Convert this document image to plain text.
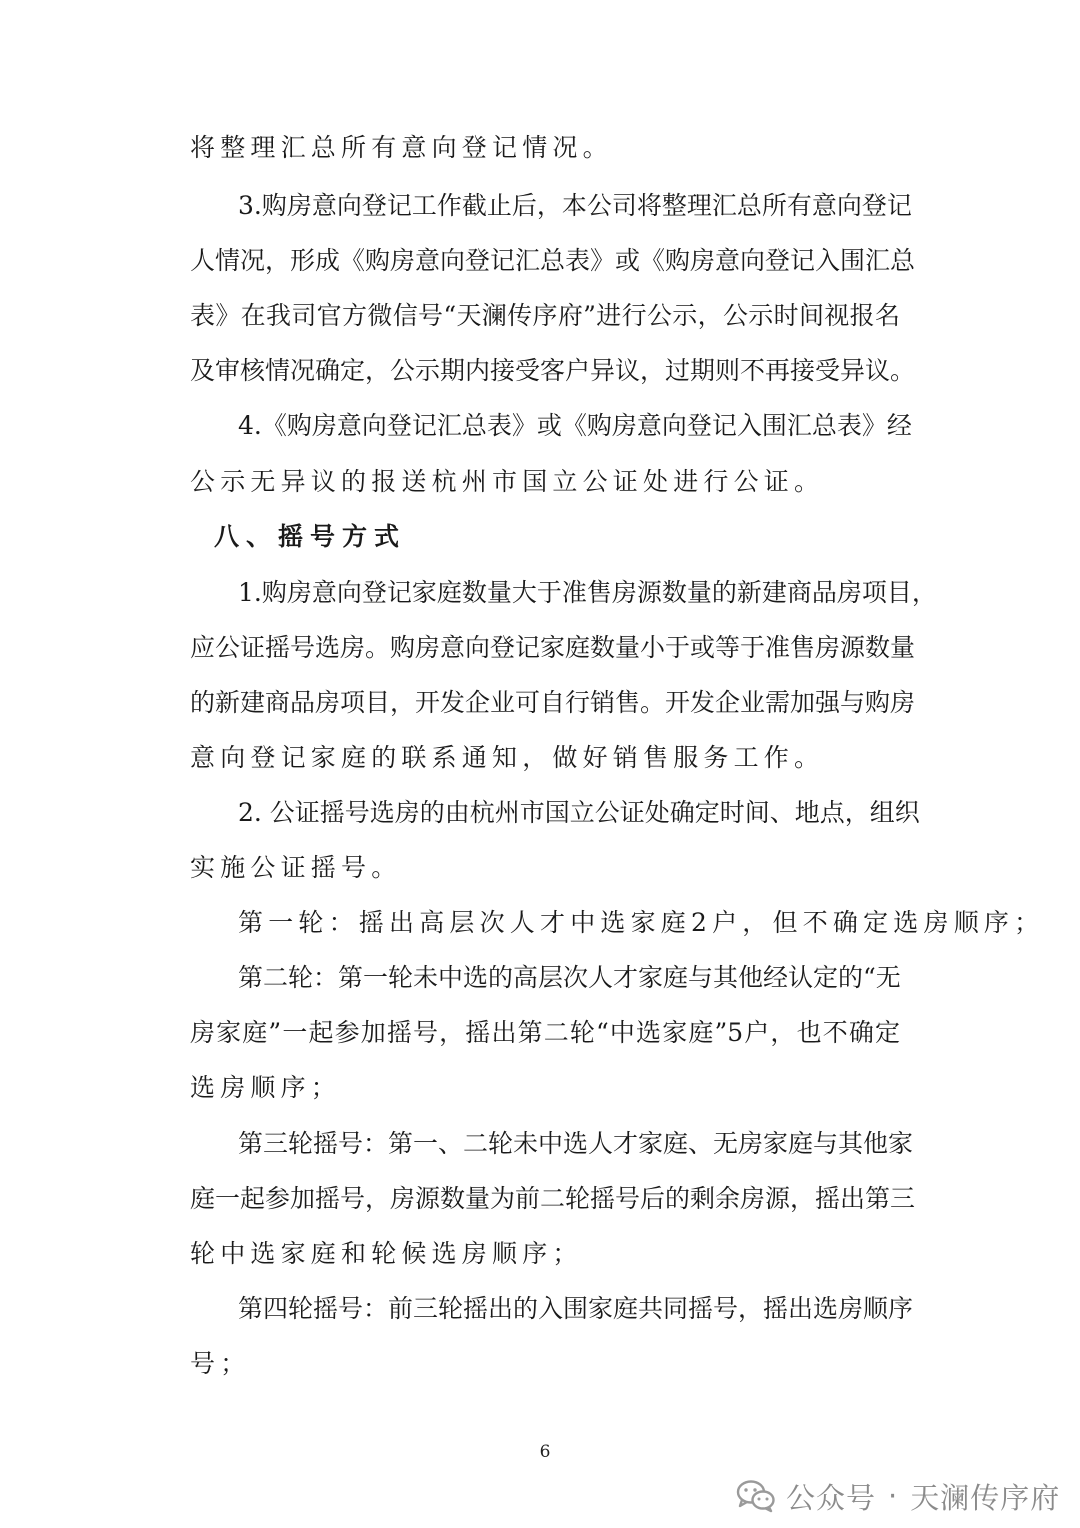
将整理汇总所有意向登记情况。
3.购房意向登记工作截止后，本公司将整理汇总所有意向登记
人情况，形成《购房意向登记汇总表》或《购房意向登记入围汇总
表》在我司官方微信号“天澜传序府”进行公示，公示时间视报名
及审核情况确定，公示期内接受客户异议，过期则不再接受异议。
4.《购房意向登记汇总表》或《购房意向登记入围汇总表》经
公示无异议的报送杭州市国立公证处进行公证。
八、摇号方式
1.购房意向登记家庭数量大于准售房源数量的新建商品房项目，
应公证摇号选房。购房意向登记家庭数量小于或等于准售房源数量
的新建商品房项目，开发企业可自行销售。开发企业需加强与购房
意向登记家庭的联系通知，做好销售服务工作。
2. 公证摇号选房的由杭州市国立公证处确定时间、地点，组织
实施公证摇号。
第一轮：摇出高层次人才中选家庭2户，但不确定选房顺序；
第二轮：第一轮未中选的高层次人才家庭与其他经认定的“无
房家庭”一起参加摇号，摇出第二轮“中选家庭”5户，也不确定
选房顺序；
第三轮摇号：第一、二轮未中选人才家庭、无房家庭与其他家
庭一起参加摇号，房源数量为前二轮摇号后的剩余房源，摇出第三
轮中选家庭和轮候选房顺序；
第四轮摇号：前三轮摇出的入围家庭共同摇号，摇出选房顺序
号；
6
公众号 · 天澜传序府
